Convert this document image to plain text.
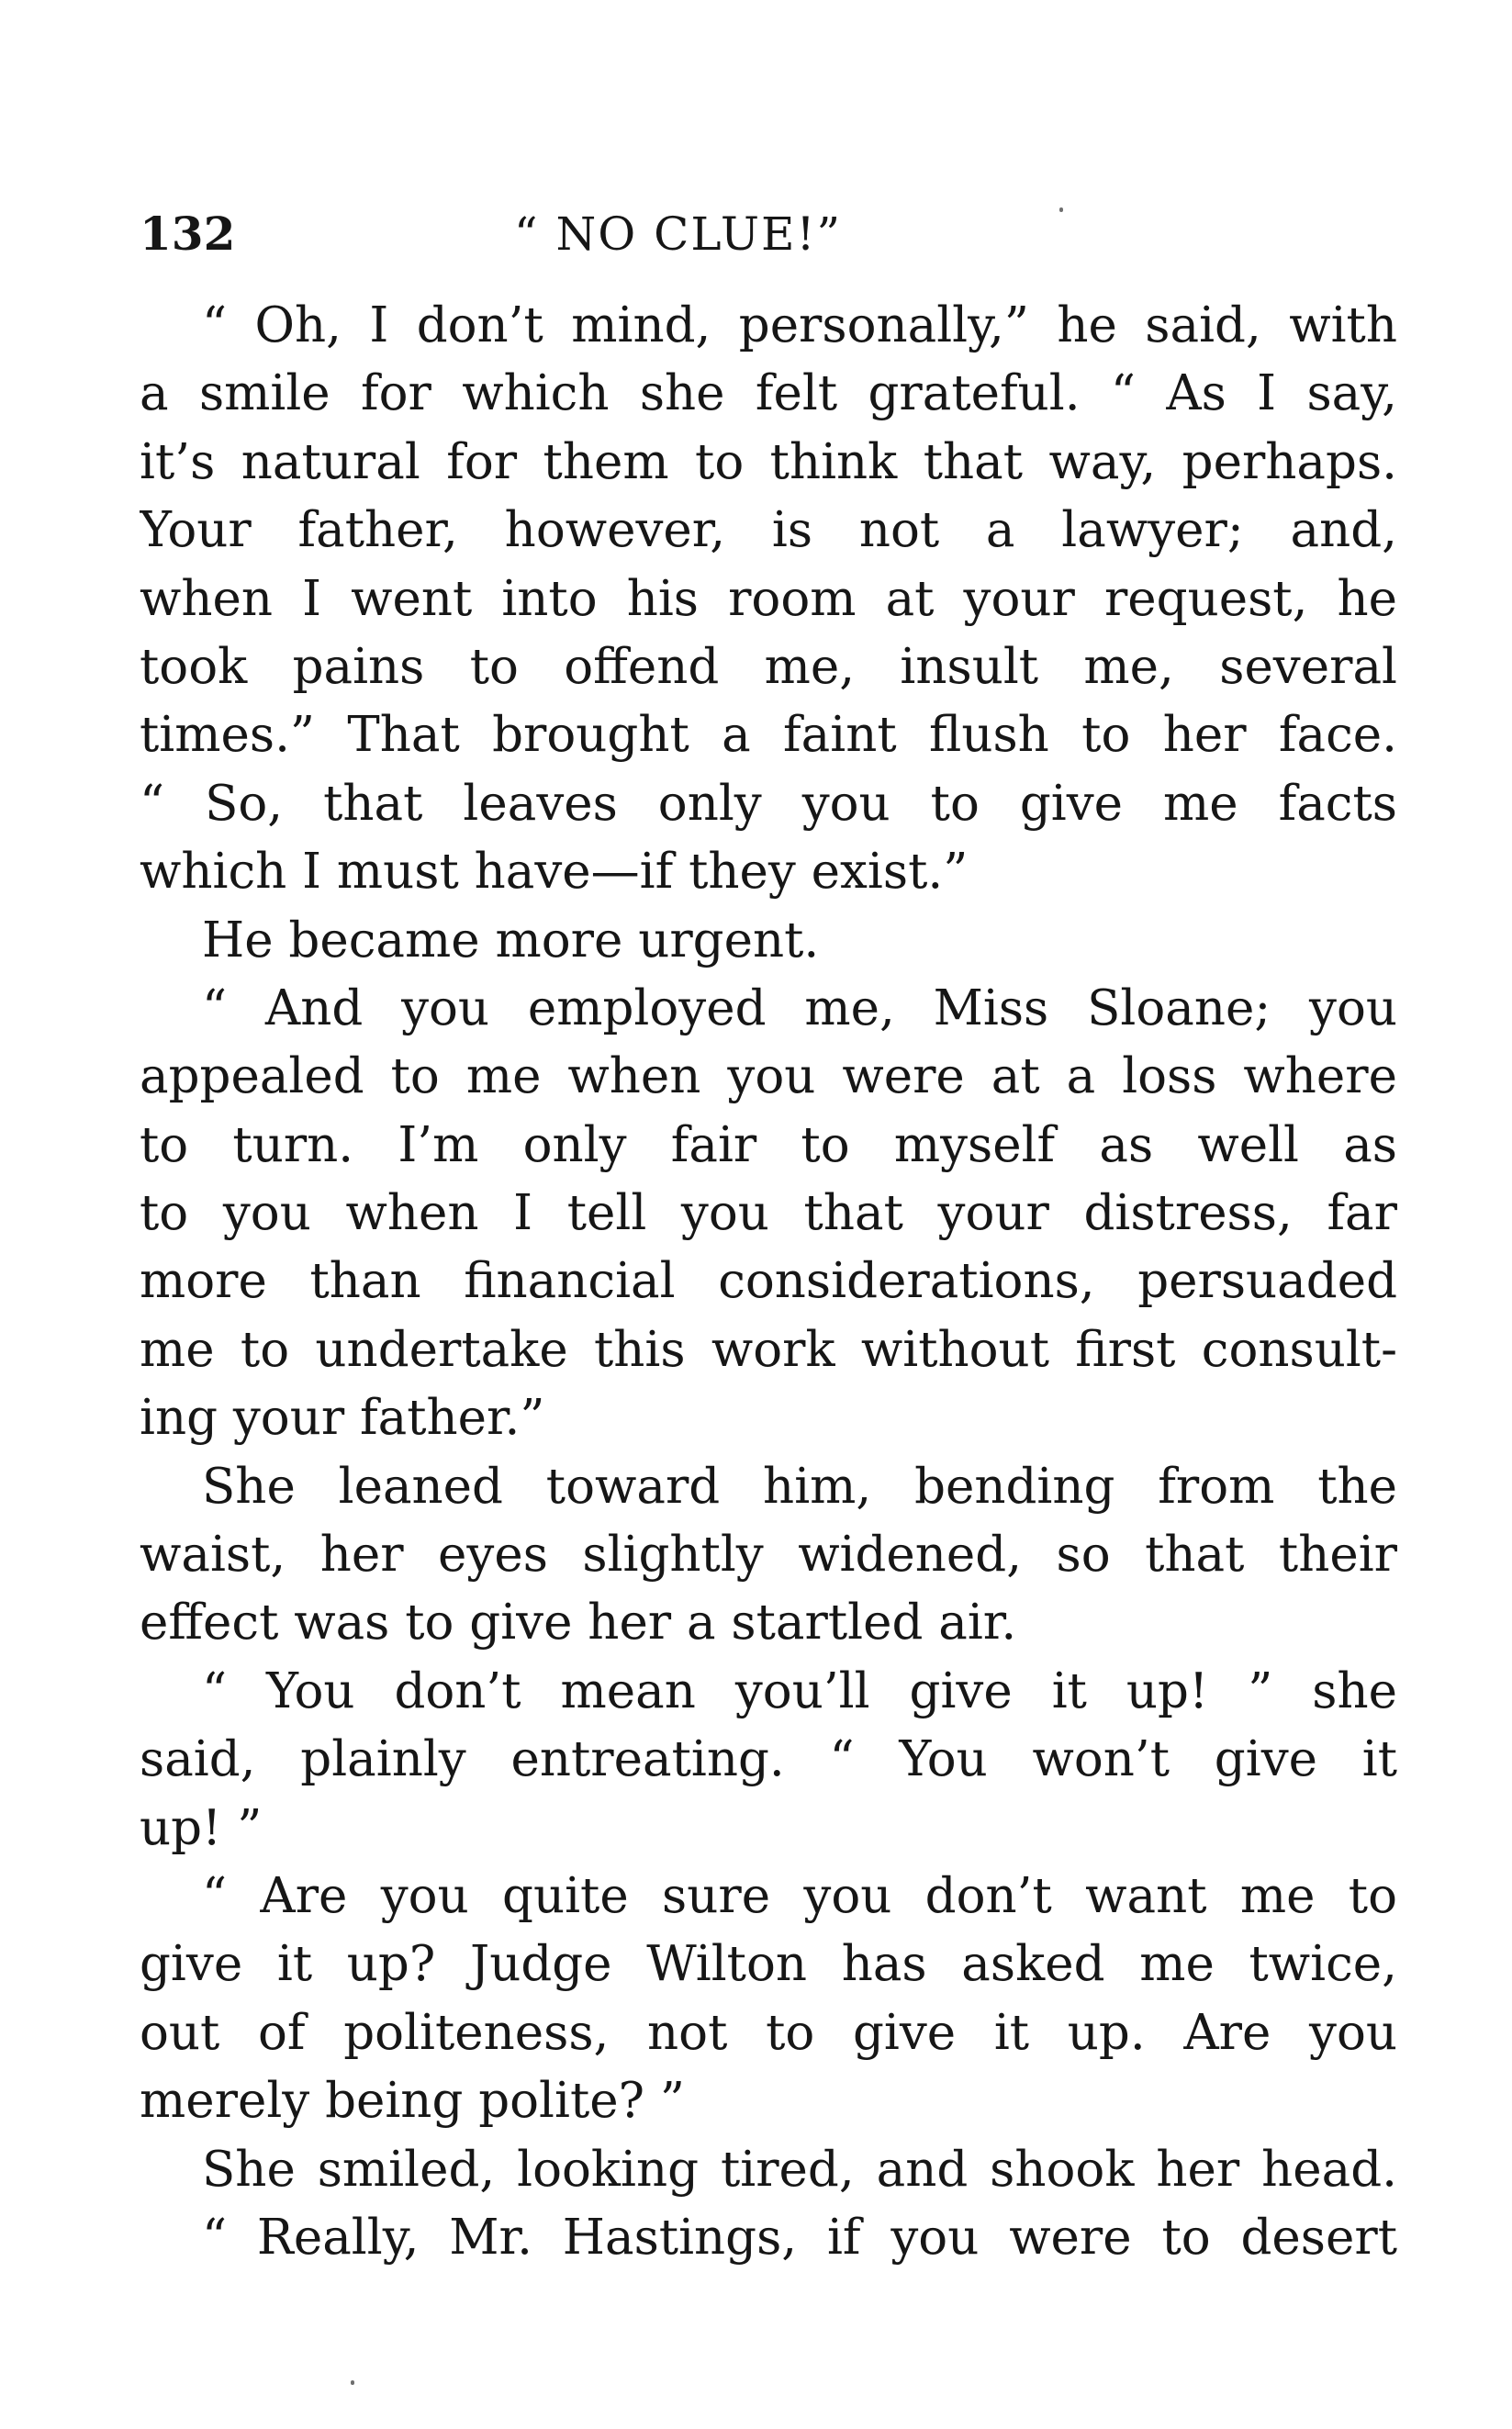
132	“ NO CLUE!”
“ Oh, I don’t mind, personally,” he said, with
a smile for which she felt grateful. “ As I say,
it’s natural for them to think that way, perhaps.
Your father, however, is not a lawyer; and,
when I went into his room at your request, he
took pains to offend me, insult me, several
times.” That brought a faint flush to her face.
“ So, that leaves only you to give me facts
which I must have—if they exist.”
He became more urgent.
“ And you employed me, Miss Sloane; you
appealed to me when you were at a loss where
to turn. I’m only fair to myself as well as
to you when I tell you that your distress, far
more than financial considerations, persuaded
me to undertake this work without first consult-
ing your father.”
She leaned toward him, bending from the
waist, her eyes slightly widened, so that their
effect was to give her a startled air.
“ You don’t mean you’ll give it up! ” she
said, plainly entreating. “ You won’t give it
up! ”
“ Are you quite sure you don’t want me to
give it up? Judge Wilton has asked me twice,
out of politeness, not to give it up. Are you
merely being polite? ”
She smiled, looking tired, and shook her head.
“ Really, Mr. Hastings, if you were to desert
